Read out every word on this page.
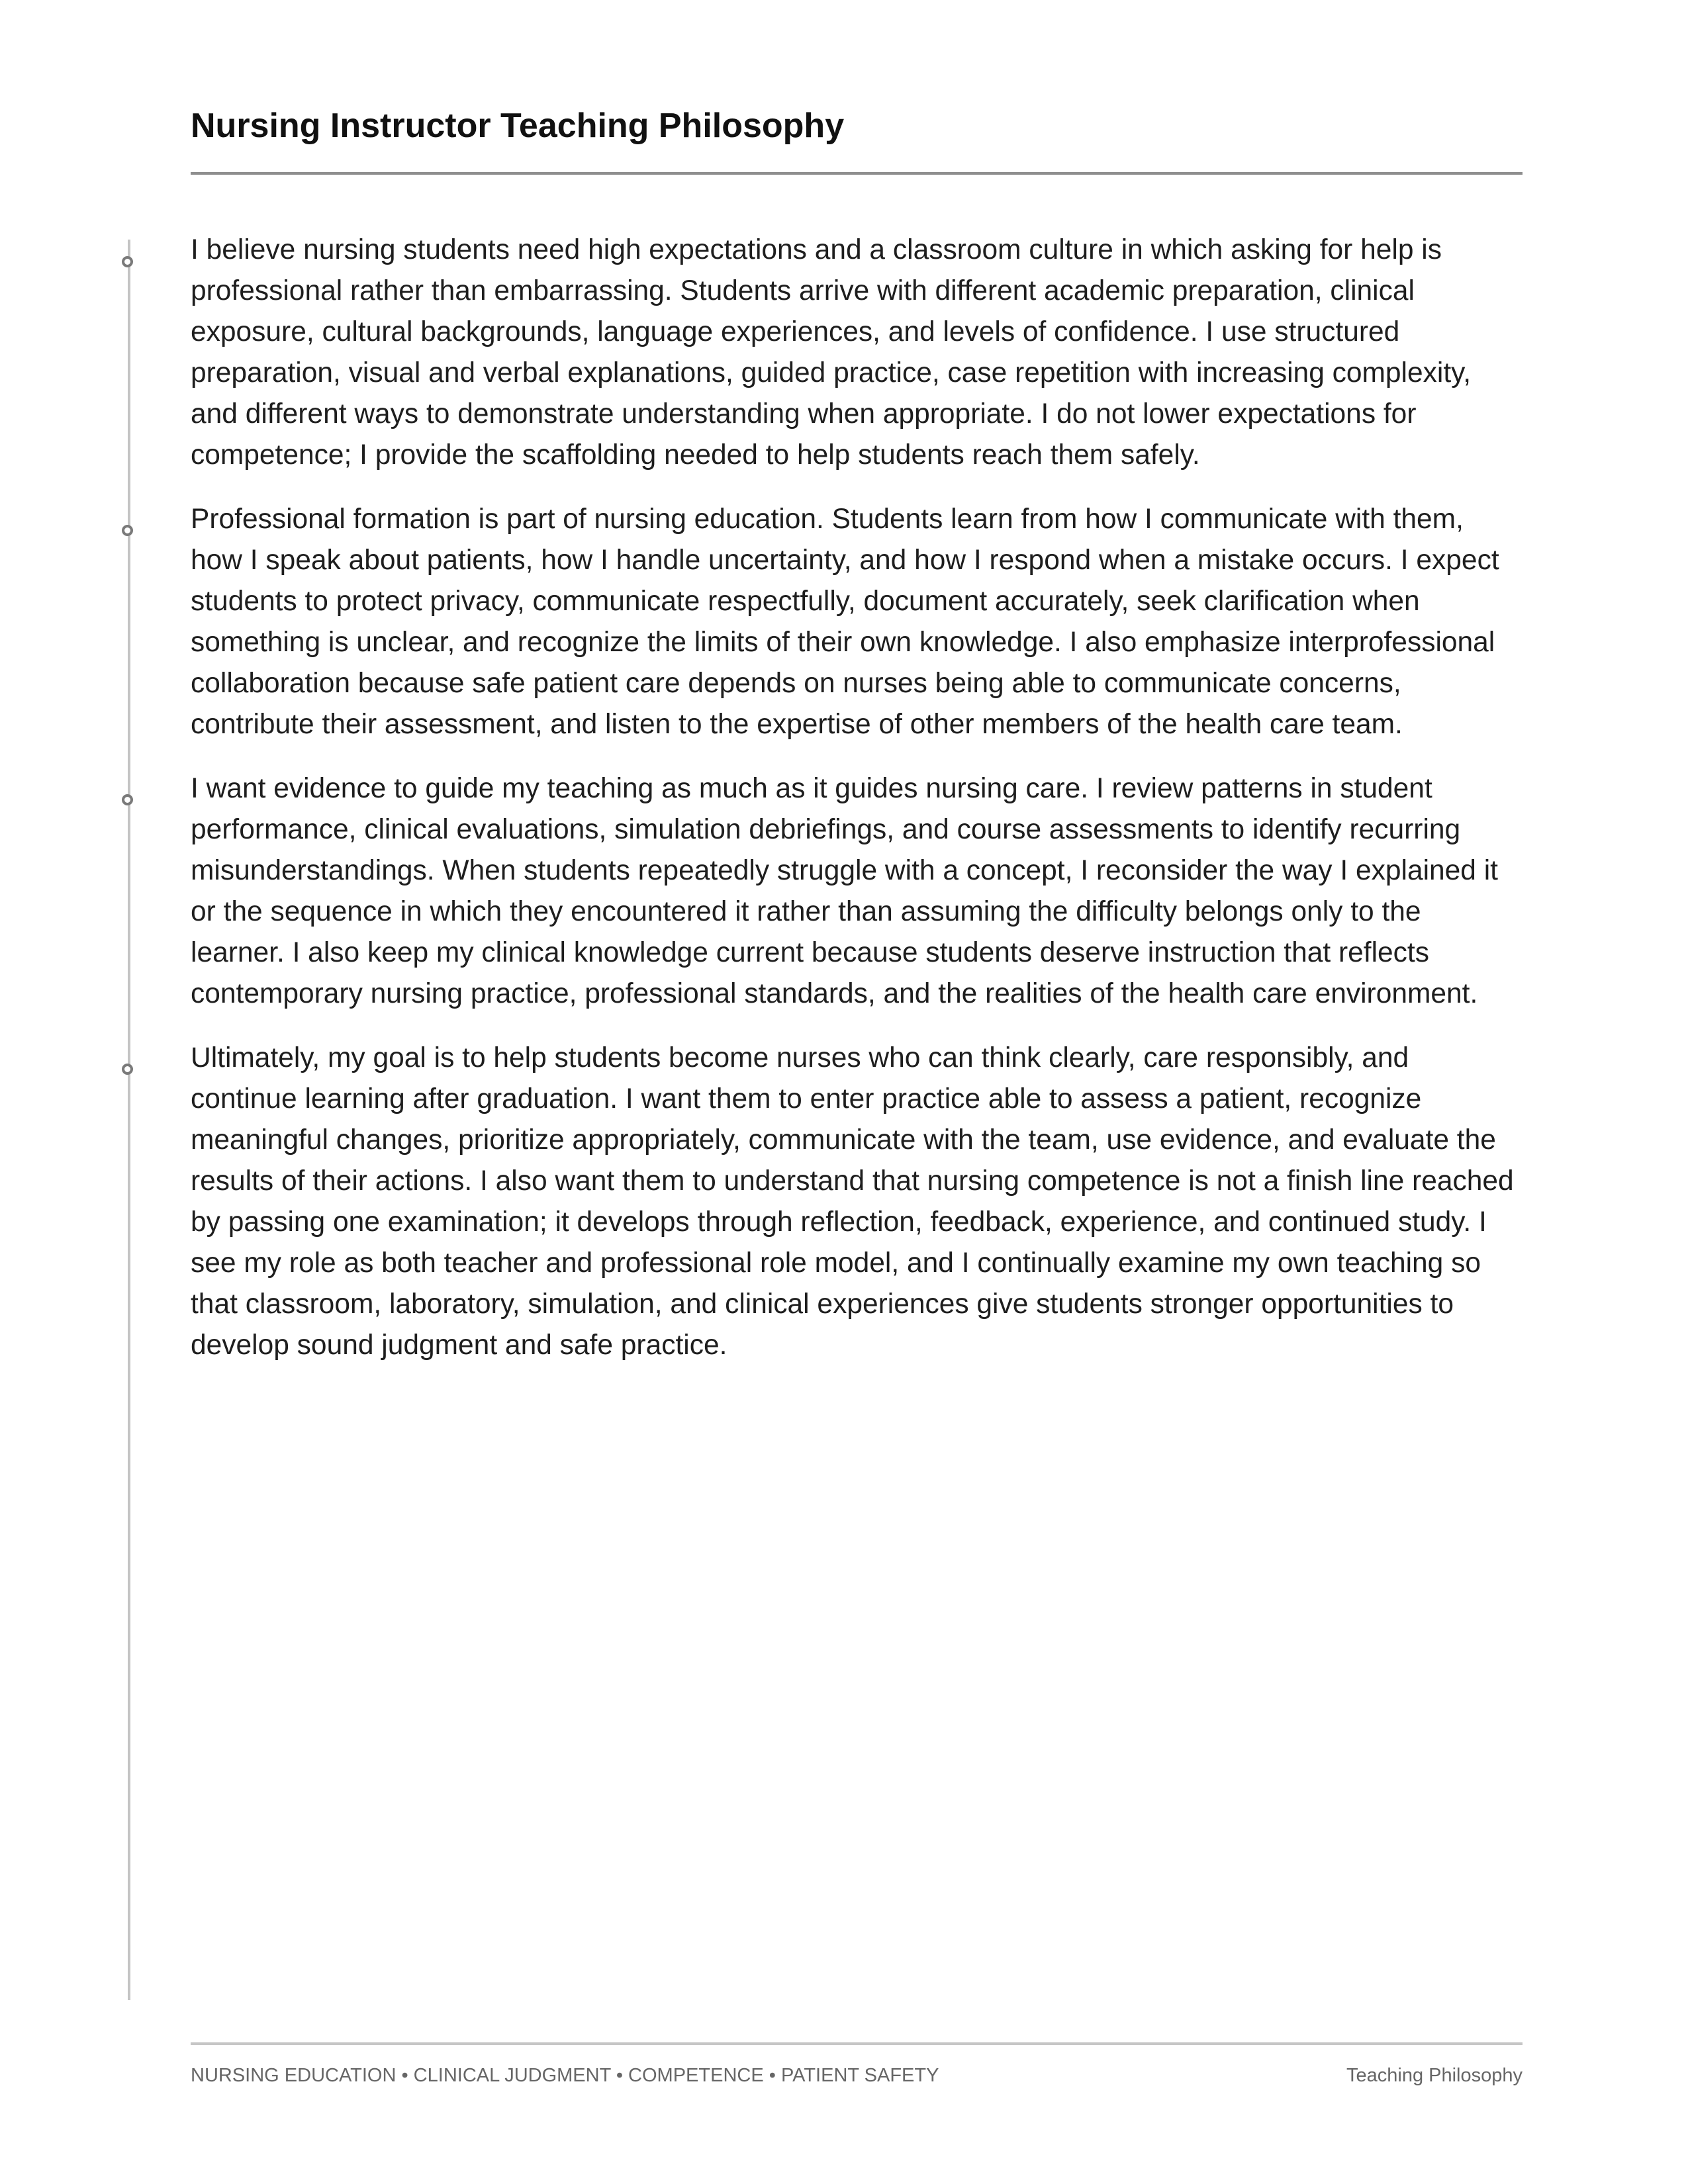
Nursing Instructor Teaching Philosophy

I believe nursing students need high expectations and a classroom culture in which asking for help is professional rather than embarrassing. Students arrive with different academic preparation, clinical exposure, cultural backgrounds, language experiences, and levels of confidence. I use structured preparation, visual and verbal explanations, guided practice, case repetition with increasing complexity, and different ways to demonstrate understanding when appropriate. I do not lower expectations for competence; I provide the scaffolding needed to help students reach them safely.

Professional formation is part of nursing education. Students learn from how I communicate with them, how I speak about patients, how I handle uncertainty, and how I respond when a mistake occurs. I expect students to protect privacy, communicate respectfully, document accurately, seek clarification when something is unclear, and recognize the limits of their own knowledge. I also emphasize interprofessional collaboration because safe patient care depends on nurses being able to communicate concerns, contribute their assessment, and listen to the expertise of other members of the health care team.

I want evidence to guide my teaching as much as it guides nursing care. I review patterns in student performance, clinical evaluations, simulation debriefings, and course assessments to identify recurring misunderstandings. When students repeatedly struggle with a concept, I reconsider the way I explained it or the sequence in which they encountered it rather than assuming the difficulty belongs only to the learner. I also keep my clinical knowledge current because students deserve instruction that reflects contemporary nursing practice, professional standards, and the realities of the health care environment.

Ultimately, my goal is to help students become nurses who can think clearly, care responsibly, and continue learning after graduation. I want them to enter practice able to assess a patient, recognize meaningful changes, prioritize appropriately, communicate with the team, use evidence, and evaluate the results of their actions. I also want them to understand that nursing competence is not a finish line reached by passing one examination; it develops through reflection, feedback, experience, and continued study. I see my role as both teacher and professional role model, and I continually examine my own teaching so that classroom, laboratory, simulation, and clinical experiences give students stronger opportunities to develop sound judgment and safe practice.

NURSING EDUCATION • CLINICAL JUDGMENT • COMPETENCE • PATIENT SAFETY	Teaching Philosophy
